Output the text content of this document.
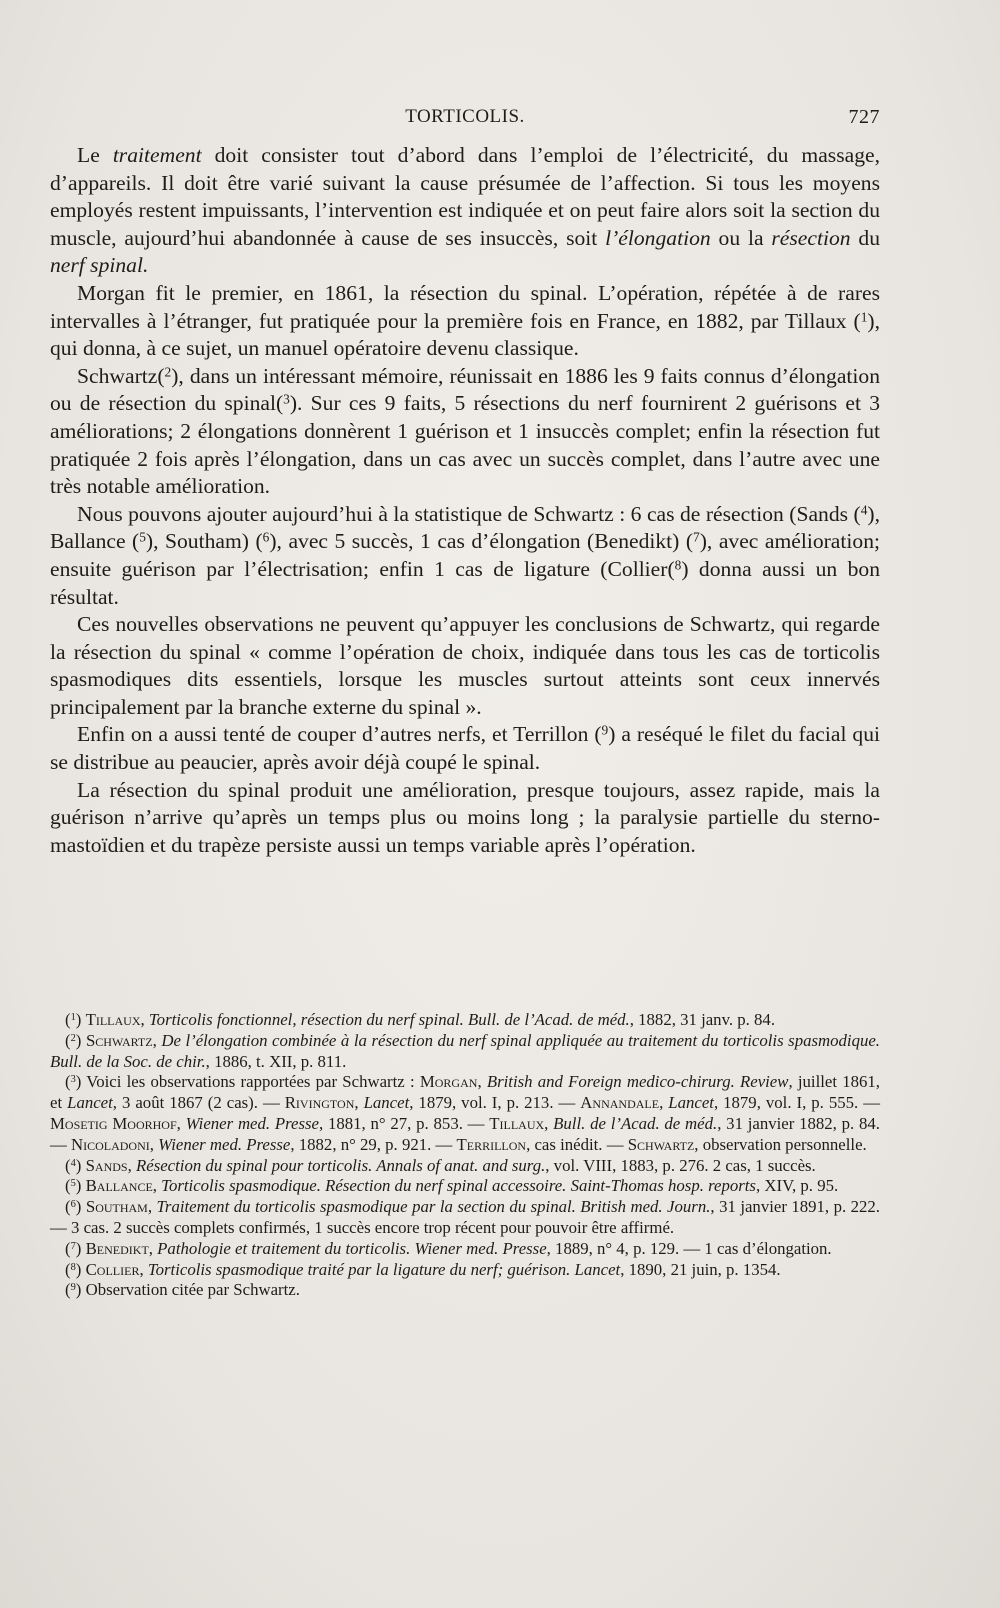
TORTICOLIS.	727

Le traitement doit consister tout d’abord dans l’emploi de l’électricité, du massage, d’appareils. Il doit être varié suivant la cause présumée de l’affection. Si tous les moyens employés restent impuissants, l’intervention est indiquée et on peut faire alors soit la section du muscle, aujourd’hui abandonnée à cause de ses insuccès, soit l’élongation ou la résection du nerf spinal.

Morgan fit le premier, en 1861, la résection du spinal. L’opération, répétée à de rares intervalles à l’étranger, fut pratiquée pour la première fois en France, en 1882, par Tillaux ($^1$), qui donna, à ce sujet, un manuel opératoire devenu classique.

Schwartz($^2$), dans un intéressant mémoire, réunissait en 1886 les 9 faits connus d’élongation ou de résection du spinal($^3$). Sur ces 9 faits, 5 résections du nerf fournirent 2 guérisons et 3 améliorations; 2 élongations donnèrent 1 guérison et 1 insuccès complet; enfin la résection fut pratiquée 2 fois après l’élongation, dans un cas avec un succès complet, dans l’autre avec une très notable amélioration.

Nous pouvons ajouter aujourd’hui à la statistique de Schwartz : 6 cas de résection (Sands ($^4$), Ballance ($^5$), Southam) ($^6$), avec 5 succès, 1 cas d’élongation (Benedikt) ($^7$), avec amélioration; ensuite guérison par l’électrisation; enfin 1 cas de ligature (Collier($^8$) donna aussi un bon résultat.

Ces nouvelles observations ne peuvent qu’appuyer les conclusions de Schwartz, qui regarde la résection du spinal « comme l’opération de choix, indiquée dans tous les cas de torticolis spasmodiques dits essentiels, lorsque les muscles surtout atteints sont ceux innervés principalement par la branche externe du spinal ».

Enfin on a aussi tenté de couper d’autres nerfs, et Terrillon ($^9$) a reséqué le filet du facial qui se distribue au peaucier, après avoir déjà coupé le spinal.

La résection du spinal produit une amélioration, presque toujours, assez rapide, mais la guérison n’arrive qu’après un temps plus ou moins long ; la paralysie partielle du sterno-mastoïdien et du trapèze persiste aussi un temps variable après l’opération.

($^1$) Tillaux, Torticolis fonctionnel, résection du nerf spinal. Bull. de l’Acad. de méd., 1882, 31 janv. p. 84.

($^2$) Schwartz, De l’élongation combinée à la résection du nerf spinal appliquée au traitement du torticolis spasmodique. Bull. de la Soc. de chir., 1886, t. XII, p. 811.

($^3$) Voici les observations rapportées par Schwartz : Morgan, British and Foreign medico-chirurg. Review, juillet 1861, et Lancet, 3 août 1867 (2 cas). — Rivington, Lancet, 1879, vol. I, p. 213. — Annandale, Lancet, 1879, vol. I, p. 555. — Mosetig Moorhof, Wiener med. Presse, 1881, n° 27, p. 853. — Tillaux, Bull. de l’Acad. de méd., 31 janvier 1882, p. 84. — Nicoladoni, Wiener med. Presse, 1882, n° 29, p. 921. — Terrillon, cas inédit. — Schwartz, observation personnelle.

($^4$) Sands, Résection du spinal pour torticolis. Annals of anat. and surg., vol. VIII, 1883, p. 276. 2 cas, 1 succès.

($^5$) Ballance, Torticolis spasmodique. Résection du nerf spinal accessoire. Saint-Thomas hosp. reports, XIV, p. 95.

($^6$) Southam, Traitement du torticolis spasmodique par la section du spinal. British med. Journ., 31 janvier 1891, p. 222. — 3 cas. 2 succès complets confirmés, 1 succès encore trop récent pour pouvoir être affirmé.

($^7$) Benedikt, Pathologie et traitement du torticolis. Wiener med. Presse, 1889, n° 4, p. 129. — 1 cas d’élongation.

($^8$) Collier, Torticolis spasmodique traité par la ligature du nerf; guérison. Lancet, 1890, 21 juin, p. 1354.

($^9$) Observation citée par Schwartz.
